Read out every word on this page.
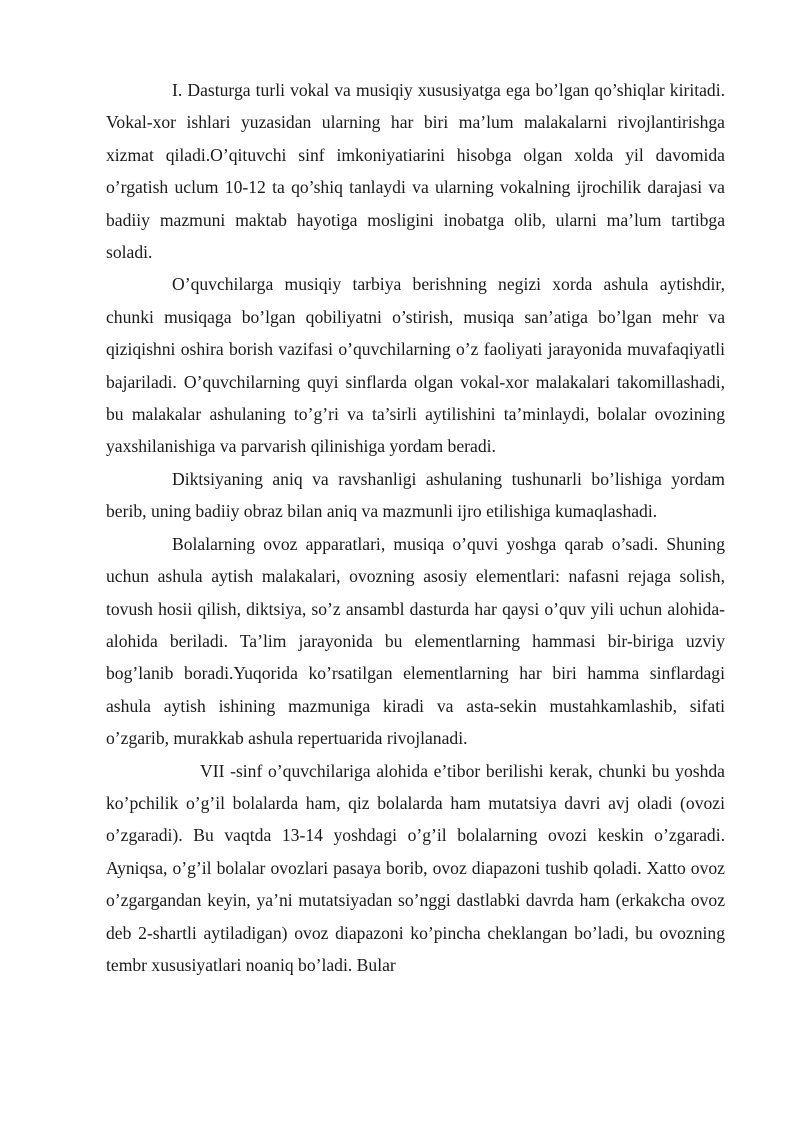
I. Dasturga turli vokal va musiqiy xususiyatga ega bo’lgan qo’shiqlar kiritadi. Vokal-xor ishlari yuzasidan ularning har biri ma’lum malakalarni rivojlantirishga xizmat qiladi.O’qituvchi sinf imkoniyatiarini hisobga olgan xolda yil davomida o’rgatish uclum 10-12 ta qo’shiq tanlaydi va ularning vokalning ijrochilik darajasi va badiiy mazmuni maktab hayotiga mosligini inobatga olib, ularni ma’lum tartibga soladi.

O’quvchilarga musiqiy tarbiya berishning negizi xorda ashula aytishdir, chunki musiqaga bo’lgan qobiliyatni o’stirish, musiqa san’atiga bo’lgan mehr va qiziqishni oshira borish vazifasi o’quvchilarning o’z faoliyati jarayonida muvafaqiyatli bajariladi. O’quvchilarning quyi sinflarda olgan vokal-xor malakalari takomillashadi, bu malakalar ashulaning to’g’ri va ta’sirli aytilishini ta’minlaydi, bolalar ovozining yaxshilanishiga va parvarish qilinishiga yordam beradi.

Diktsiyaning aniq va ravshanligi ashulaning tushunarli bo’lishiga yordam berib, uning badiiy obraz bilan aniq va mazmunli ijro etilishiga kumaqlashadi.

Bolalarning ovoz apparatlari, musiqa o’quvi yoshga qarab o’sadi. Shuning uchun ashula aytish malakalari, ovozning asosiy elementlari: nafasni rejaga solish, tovush hosii qilish, diktsiya, so’z ansambl dasturda har qaysi o’quv yili uchun alohida-alohida beriladi. Ta’lim jarayonida bu elementlarning hammasi bir-biriga uzviy bog’lanib boradi.Yuqorida ko’rsatilgan elementlarning har biri hamma sinflardagi ashula aytish ishining mazmuniga kiradi va asta-sekin mustahkamlashib, sifati o’zgarib, murakkab ashula repertuarida rivojlanadi.

VII -sinf o’quvchilariga alohida e’tibor berilishi kerak, chunki bu yoshda ko’pchilik o’g’il bolalarda ham, qiz bolalarda ham mutatsiya davri avj oladi (ovozi o’zgaradi). Bu vaqtda 13-14 yoshdagi o’g’il bolalarning ovozi keskin o’zgaradi. Ayniqsa, o’g’il bolalar ovozlari pasaya borib, ovoz diapazoni tushib qoladi. Xatto ovoz o’zgargandan keyin, ya’ni mutatsiyadan so’nggi dastlabki davrda ham (erkakcha ovoz deb 2-shartli aytiladigan) ovoz diapazoni ko’pincha cheklangan bo’ladi, bu ovozning tembr xususiyatlari noaniq bo’ladi. Bular
